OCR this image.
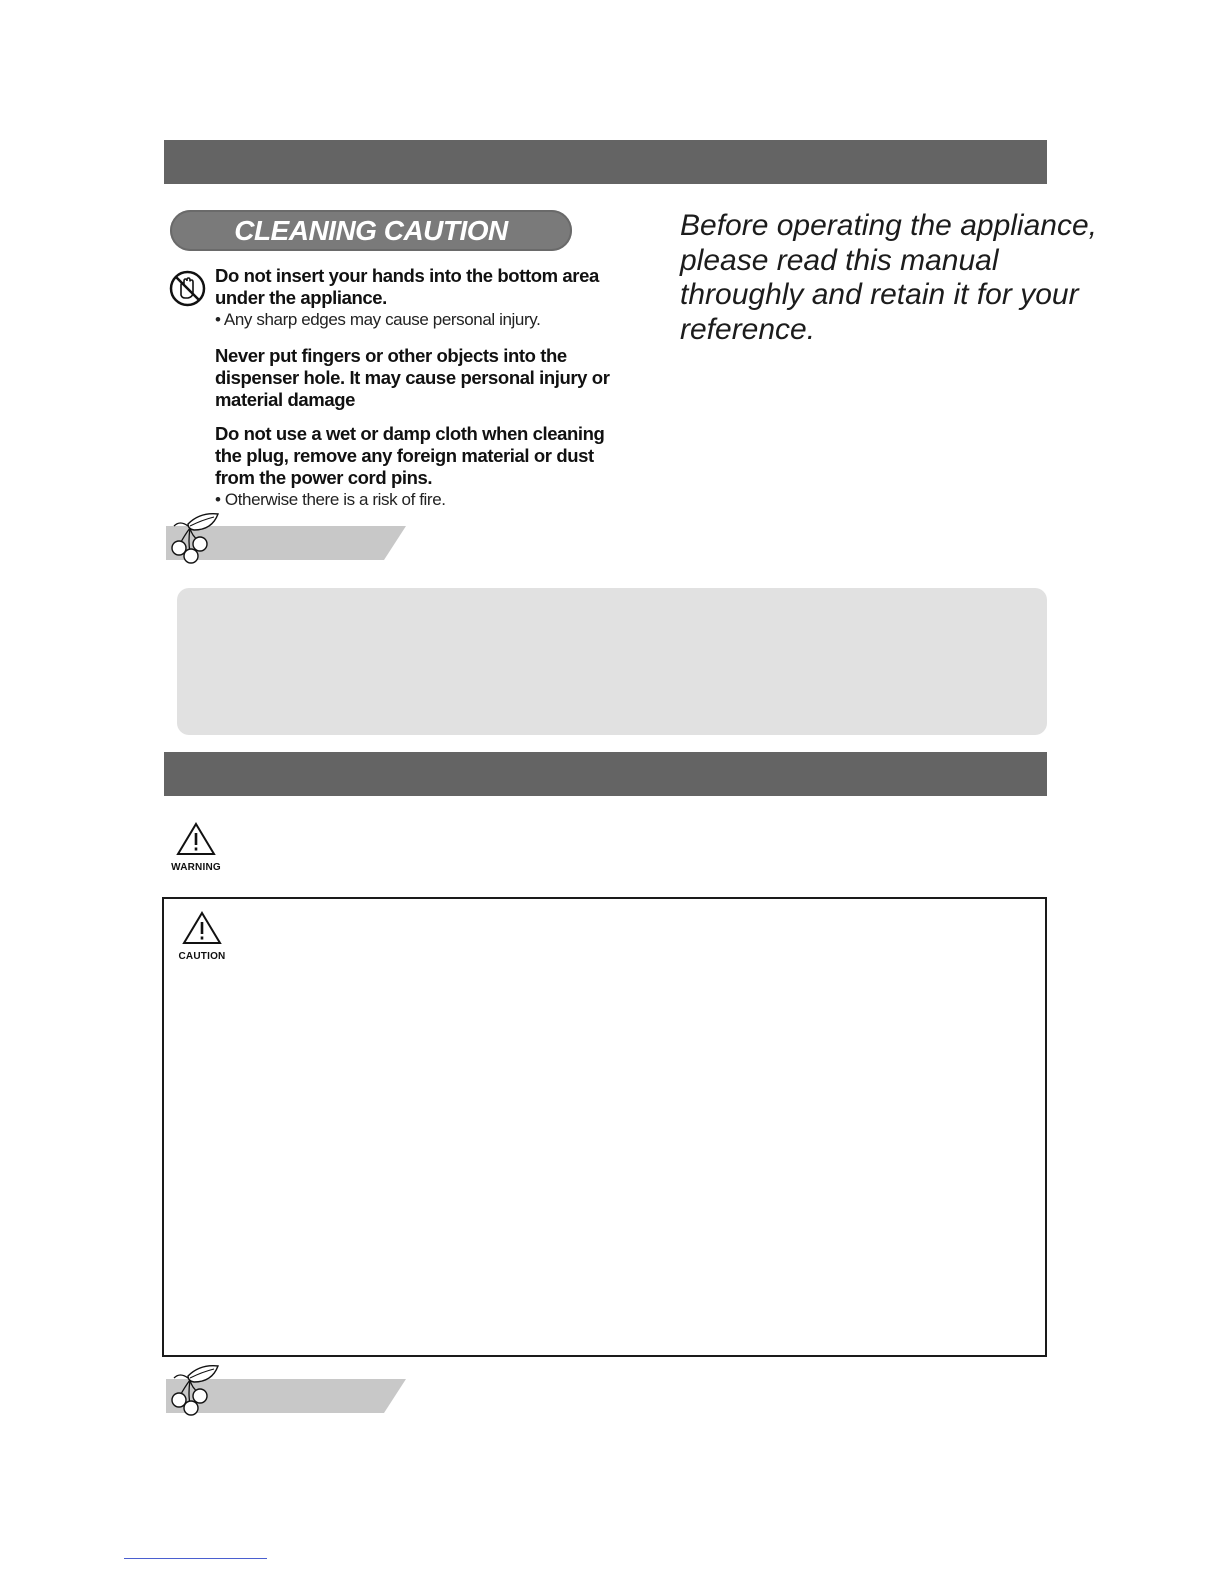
CLEANING CAUTION
Do not insert your hands into the bottom area under the appliance.
• Any sharp edges may cause personal injury.
Never put fingers or other objects into the dispenser hole. It may cause personal injury or material damage
Do not use a wet or damp cloth when cleaning the plug, remove any foreign material or dust from the power cord pins.
• Otherwise there is a risk of fire.
Before operating the appliance, please read this manual throughly and retain it for your reference.
WARNING
CAUTION
